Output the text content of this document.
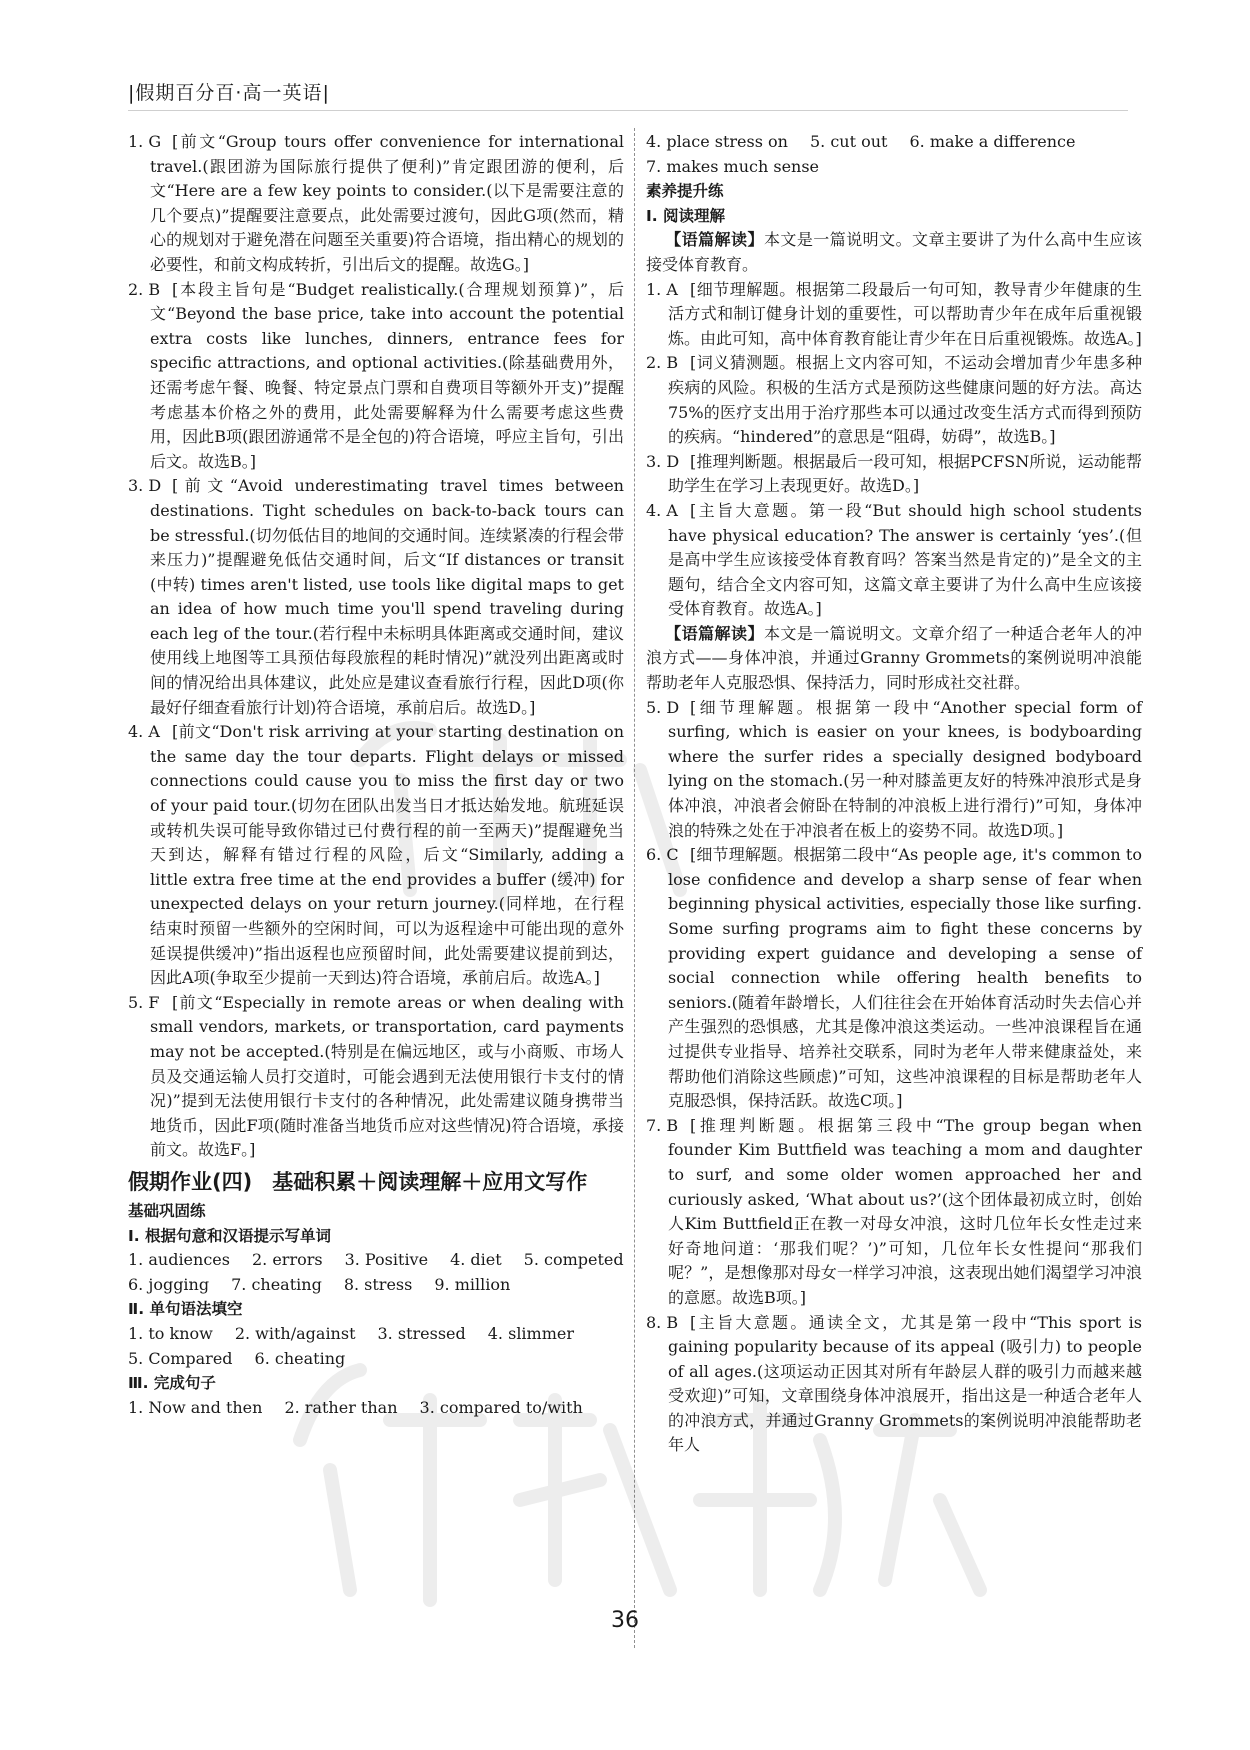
|假期百分百·高一英语|
1. G [前文“Group tours offer convenience for international travel.(跟团游为国际旅行提供了便利)”肯定跟团游的便利，后文“Here are a few key points to consider.(以下是需要注意的几个要点)”提醒要注意要点，此处需要过渡句，因此G项(然而，精心的规划对于避免潜在问题至关重要)符合语境，指出精心的规划的必要性，和前文构成转折，引出后文的提醒。故选G。]

2. B [本段主旨句是“Budget realistically.(合理规划预算)”，后文“Beyond the base price, take into account the potential extra costs like lunches, dinners, entrance fees for specific attractions, and optional activities.(除基础费用外，还需考虑午餐、晚餐、特定景点门票和自费项目等额外开支)”提醒考虑基本价格之外的费用，此处需要解释为什么需要考虑这些费用，因此B项(跟团游通常不是全包的)符合语境，呼应主旨句，引出后文。故选B。]

3. D [前文“Avoid underestimating travel times between destinations. Tight schedules on back-to-back tours can be stressful.(切勿低估目的地间的交通时间。连续紧凑的行程会带来压力)”提醒避免低估交通时间，后文“If distances or transit (中转) times aren't listed, use tools like digital maps to get an idea of how much time you'll spend traveling during each leg of the tour.(若行程中未标明具体距离或交通时间，建议使用线上地图等工具预估每段旅程的耗时情况)”就没列出距离或时间的情况给出具体建议，此处应是建议查看旅行行程，因此D项(你最好仔细查看旅行计划)符合语境，承前启后。故选D。]

4. A [前文“Don't risk arriving at your starting destination on the same day the tour departs. Flight delays or missed connections could cause you to miss the first day or two of your paid tour.(切勿在团队出发当日才抵达始发地。航班延误或转机失误可能导致你错过已付费行程的前一至两天)”提醒避免当天到达，解释有错过行程的风险，后文“Similarly, adding a little extra free time at the end provides a buffer (缓冲) for unexpected delays on your return journey.(同样地，在行程结束时预留一些额外的空闲时间，可以为返程途中可能出现的意外延误提供缓冲)”指出返程也应预留时间，此处需要建议提前到达，因此A项(争取至少提前一天到达)符合语境，承前启后。故选A。]

5. F [前文“Especially in remote areas or when dealing with small vendors, markets, or transportation, card payments may not be accepted.(特别是在偏远地区，或与小商贩、市场人员及交通运输人员打交道时，可能会遇到无法使用银行卡支付的情况)”提到无法使用银行卡支付的各种情况，此处需建议随身携带当地货币，因此F项(随时准备当地货币应对这些情况)符合语境，承接前文。故选F。]

假期作业(四) 基础积累＋阅读理解＋应用文写作

基础巩固练

Ⅰ. 根据句意和汉语提示写单词

1. audiences 2. errors 3. Positive 4. diet 5. competed
6. jogging 7. cheating 8. stress 9. million

Ⅱ. 单句语法填空

1. to know 2. with/against 3. stressed 4. slimmer
5. Compared 6. cheating

Ⅲ. 完成句子

1. Now and then 2. rather than 3. compared to/with
4. place stress on 5. cut out 6. make a difference

7. makes much sense

素养提升练

Ⅰ. 阅读理解

【语篇解读】本文是一篇说明文。文章主要讲了为什么高中生应该接受体育教育。

1. A [细节理解题。根据第二段最后一句可知，教导青少年健康的生活方式和制订健身计划的重要性，可以帮助青少年在成年后重视锻炼。由此可知，高中体育教育能让青少年在日后重视锻炼。故选A。]

2. B [词义猜测题。根据上文内容可知，不运动会增加青少年患多种疾病的风险。积极的生活方式是预防这些健康问题的好方法。高达75%的医疗支出用于治疗那些本可以通过改变生活方式而得到预防的疾病。“hindered”的意思是“阻碍，妨碍”，故选B。]

3. D [推理判断题。根据最后一段可知，根据PCFSN所说，运动能帮助学生在学习上表现更好。故选D。]

4. A [主旨大意题。第一段“But should high school students have physical education? The answer is certainly ‘yes’.(但是高中学生应该接受体育教育吗？答案当然是肯定的)”是全文的主题句，结合全文内容可知，这篇文章主要讲了为什么高中生应该接受体育教育。故选A。]

【语篇解读】本文是一篇说明文。文章介绍了一种适合老年人的冲浪方式——身体冲浪，并通过Granny Grommets的案例说明冲浪能帮助老年人克服恐惧、保持活力，同时形成社交社群。

5. D [细节理解题。根据第一段中“Another special form of surfing, which is easier on your knees, is bodyboarding where the surfer rides a specially designed bodyboard lying on the stomach.(另一种对膝盖更友好的特殊冲浪形式是身体冲浪，冲浪者会俯卧在特制的冲浪板上进行滑行)”可知，身体冲浪的特殊之处在于冲浪者在板上的姿势不同。故选D项。]

6. C [细节理解题。根据第二段中“As people age, it's common to lose confidence and develop a sharp sense of fear when beginning physical activities, especially those like surfing. Some surfing programs aim to fight these concerns by providing expert guidance and developing a sense of social connection while offering health benefits to seniors.(随着年龄增长，人们往往会在开始体育活动时失去信心并产生强烈的恐惧感，尤其是像冲浪这类运动。一些冲浪课程旨在通过提供专业指导、培养社交联系，同时为老年人带来健康益处，来帮助他们消除这些顾虑)”可知，这些冲浪课程的目标是帮助老年人克服恐惧，保持活跃。故选C项。]

7. B [推理判断题。根据第三段中“The group began when founder Kim Buttfield was teaching a mom and daughter to surf, and some older women approached her and curiously asked, ‘What about us?’(这个团体最初成立时，创始人Kim Buttfield正在教一对母女冲浪，这时几位年长女性走过来好奇地问道：‘那我们呢？’)”可知，几位年长女性提问“那我们呢？”，是想像那对母女一样学习冲浪，这表现出她们渴望学习冲浪的意愿。故选B项。]

8. B [主旨大意题。通读全文，尤其是第一段中“This sport is gaining popularity because of its appeal (吸引力) to people of all ages.(这项运动正因其对所有年龄层人群的吸引力而越来越受欢迎)”可知，文章围绕身体冲浪展开，指出这是一种适合老年人的冲浪方式，并通过Granny Grommets的案例说明冲浪能帮助老年人

36
